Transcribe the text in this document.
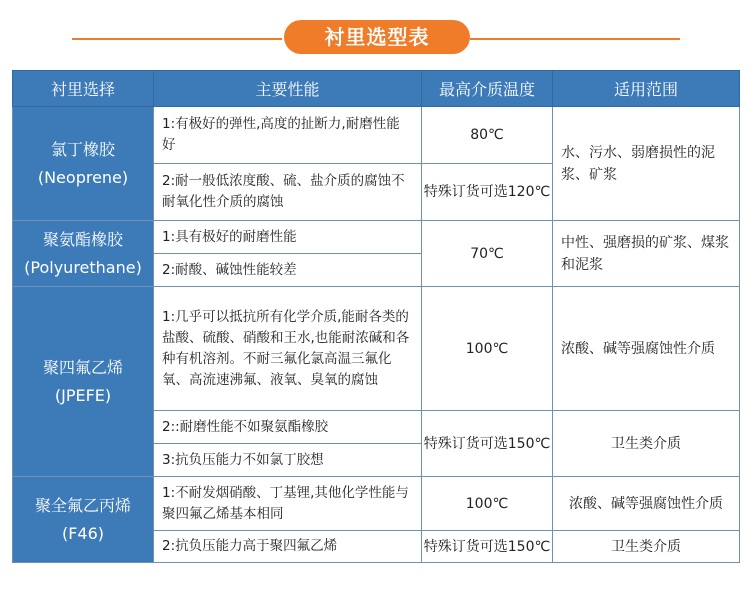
衬里选型表
衬里选择	主要性能	最高介质温度	适用范围

氯丁橡胶
(Neoprene)	1:有极好的弹性,高度的扯断力,耐磨性能好	80℃	水、污水、弱磨损性的泥浆、矿浆
	2:耐一般低浓度酸、硫、盐介质的腐蚀不耐氧化性介质的腐蚀	特殊订货可选120℃	

聚氨酯橡胶
(Polyurethane)	1:具有极好的耐磨性能	70℃	中性、强磨损的矿浆、煤浆和泥浆
	2:耐酸、碱蚀性能较差		

聚四氟乙烯
(JPEFE)	1:几乎可以抵抗所有化学介质,能耐各类的盐酸、硫酸、硝酸和王水,也能耐浓碱和各种有机溶剂。不耐三氟化氯高温三氟化氧、高流速沸氟、液氧、臭氧的腐蚀	100℃	浓酸、碱等强腐蚀性介质
	2::耐磨性能不如聚氨酯橡胶	特殊订货可选150℃	卫生类介质
	3:抗负压能力不如氯丁胶想		

聚全氟乙丙烯
(F46)	1:不耐发烟硝酸、丁基锂,其他化学性能与聚四氟乙烯基本相同	100℃	浓酸、碱等强腐蚀性介质
	2:抗负压能力高于聚四氟乙烯	特殊订货可选150℃	卫生类介质
